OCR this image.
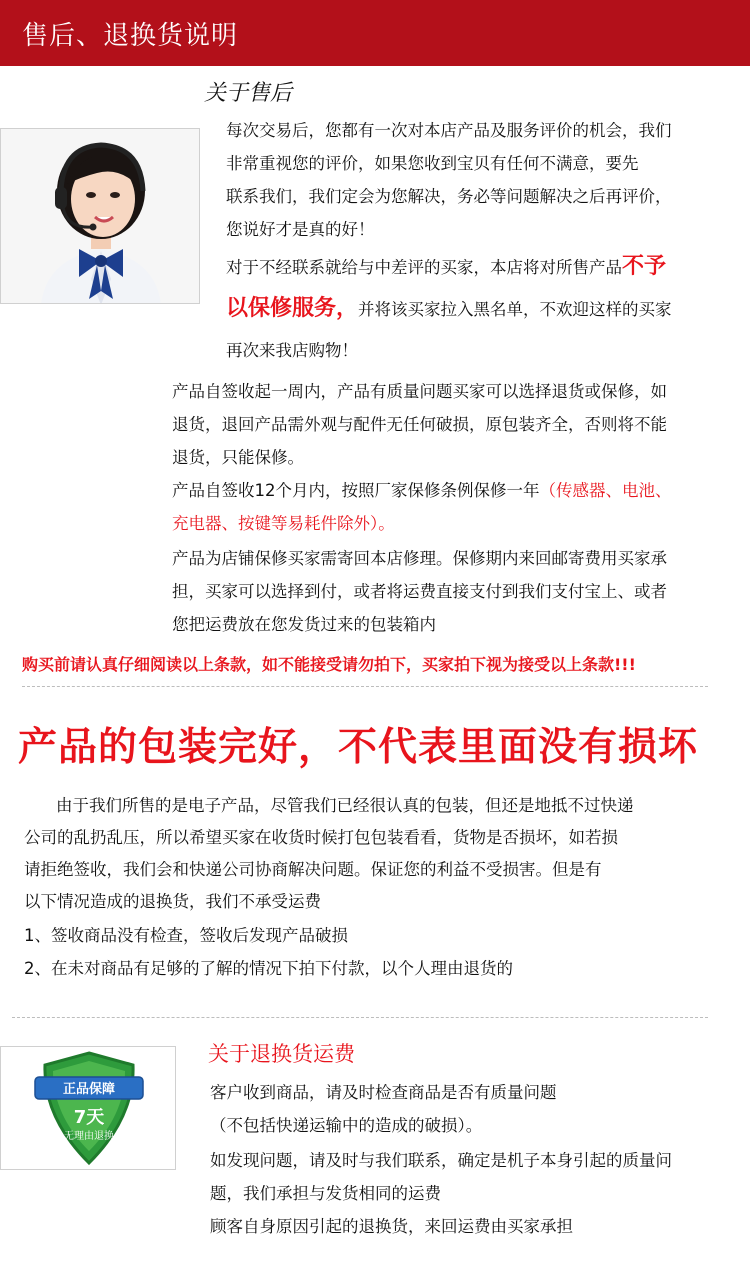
售后、退换货说明
关于售后
每次交易后，您都有一次对本店产品及服务评价的机会，我们
非常重视您的评价，如果您收到宝贝有任何不满意，要先
联系我们，我们定会为您解决，务必等问题解决之后再评价，
您说好才是真的好！
对于不经联系就给与中差评的买家，本店将对所售产品不予
以保修服务，并将该买家拉入黑名单，不欢迎这样的买家
再次来我店购物！
产品自签收起一周内，产品有质量问题买家可以选择退货或保修，如
退货，退回产品需外观与配件无任何破损，原包装齐全，否则将不能
退货，只能保修。
产品自签收12个月内，按照厂家保修条例保修一年（传感器、电池、
充电器、按键等易耗件除外）。
产品为店铺保修买家需寄回本店修理。保修期内来回邮寄费用买家承
担，买家可以选择到付，或者将运费直接支付到我们支付宝上、或者
您把运费放在您发货过来的包装箱内
购买前请认真仔细阅读以上条款，如不能接受请勿拍下，买家拍下视为接受以上条款!!!
产品的包装完好，不代表里面没有损坏
由于我们所售的是电子产品，尽管我们已经很认真的包装，但还是地抵不过快递
公司的乱扔乱压，所以希望买家在收货时候打包包装看看，货物是否损坏，如若损
请拒绝签收，我们会和快递公司协商解决问题。保证您的利益不受损害。但是有
以下情况造成的退换货，我们不承受运费
1、签收商品没有检查，签收后发现产品破损
2、在未对商品有足够的了解的情况下拍下付款，以个人理由退货的
正品保障
7天
无理由退换
关于退换货运费
客户收到商品，请及时检查商品是否有质量问题
（不包括快递运输中的造成的破损）。
如发现问题，请及时与我们联系，确定是机子本身引起的质量问
题，我们承担与发货相同的运费
顾客自身原因引起的退换货，来回运费由买家承担
